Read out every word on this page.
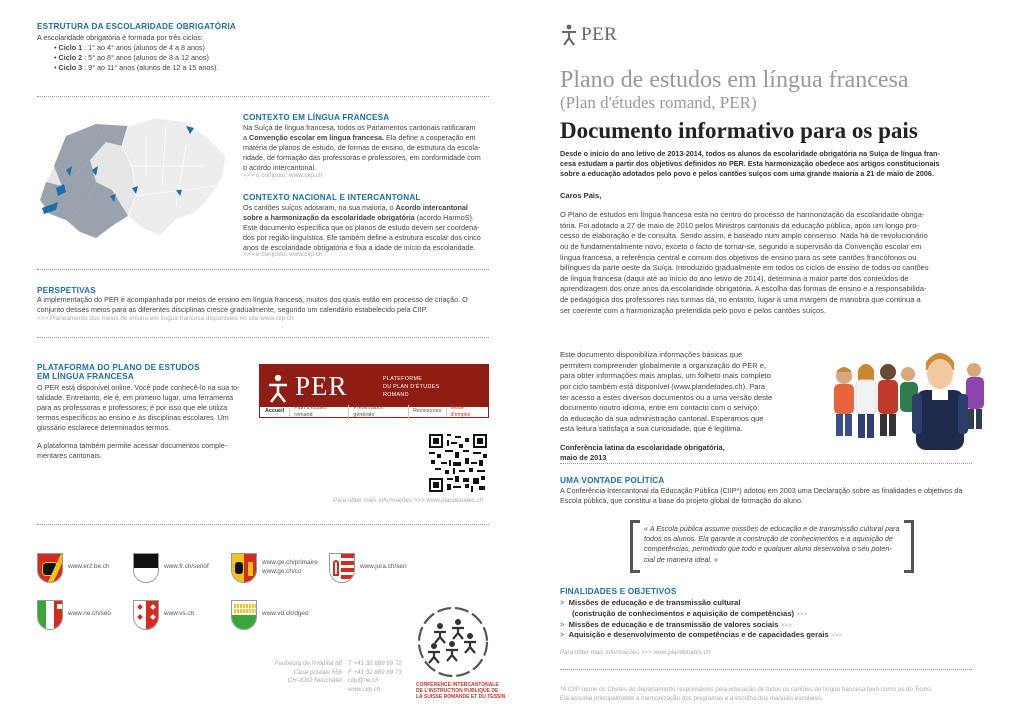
ESTRUTURA DA ESCOLARIDADE OBRIGATÓRIA
A escolaridade obrigatória é formada por três ciclos:
• Ciclo 1 : 1° ao 4° anos (alunos de 4 a 8 anos)
• Ciclo 2 : 5° ao 8° anos (alunos de 8 a 12 anos)
• Ciclo 3 : 9° ao 11° anos (alunos de 12 a 15 anos).
CONTEXTO EM LÍNGUA FRANCESA
Na Suíça de língua francesa, todos os Parlamentos cantonais ratificaram
a Convenção escolar em língua francesa. Ela define a cooperação em
matéria de planos de estudo, de formas de ensino, de estrutura da escola-
ridade, de formação das professoras e professores, em conformidade com
o acordo intercantonal.
>>> o conjunto: www.ciip.ch
CONTEXTO NACIONAL E INTERCANTONAL
Os cantões suíços adotaram, na sua maioria, o Acordo intercantonal
sobre a harmonização da escolaridade obrigatória (acordo HarmoS).
Este documento específica que os planos de estudo devem ser coordena-
dos por região linguística. Ele também define a estrutura escolar dos cinco
anos de escolaridade obrigatória e fixa a idade de início da escolaridade.
>>> o conjunto: www.ciip.ch
PERSPETIVAS
A implementação do PER é acompanhada por meios de ensino em língua francesa, muitos dos quais estão em processo de criação. O
conjunto desses meios para as diferentes disciplinas cresce gradualmente, segundo um calendário estabelecido pela CIIP.
>>> Planeamento dos meios de ensino em língua francesa disponíveis no site www.ciip.ch
PLATAFORMA DO PLANO DE ESTUDOS
EM LÍNGUA FRANCESA
O PER está disponível online. Você pode conhecê-lo na sua to-
talidade. Entretanto, ele é, em primeiro lugar, uma ferramenta
para as professoras e professores; é por isso que ele utiliza
termos específicos ao ensino e às disciplinas escolares. Um
glossário esclarece determinados termos.
A plataforma também permite acessar documentos comple-
mentares cantonais.
PER	PLATEFORME
DU PLAN D'ÉTUDES
ROMAND
Accueil
Plan d'études romand
Présentation générale
Ressources
Mode d'emploi
Para obter mais informações >>> www.plandetudes.ch
www.erz.be.ch	www.fr.ch/senof
www.ge.ch/primaire
www.ge.ch/co
www.jura.ch/sen
www.ne.ch/seo	www.vs.ch	www.vd.ch/dgeo
Faubourg de l'Hôpital 68
Case postale 556
CH-2002 Neuchâtel
T +41 32 889 69 72
F +41 32 889 69 73
ciip@ne.ch
www.ciip.ch
CONFÉRENCE INTERCANTONALE
DE L'INSTRUCTION PUBLIQUE DE
LA SUISSE ROMANDE ET DU TESSIN
PER
Plano de estudos em língua francesa
(Plan d'études romand, PER)
Documento informativo para os pais
Desde o início do ano letivo de 2013-2014, todos os alunos da escolaridade obrigatória na Suíça de língua fran-
cesa estudam a partir dos objetivos definidos no PER. Esta harmonização obedece aos artigos constitucionais
sobre a educação adotados pelo povo e pelos cantões suíços com uma grande maioria a 21 de maio de 2006.
Caros Pais,
O Plano de estudos em língua francesa está no centro do processo de harmonização da escolaridade obriga-
tória. Foi adotado a 27 de maio de 2010 pelos Ministros cantonais da educação pública, após um longo pro-
cesso de elaboração e de consulta. Sendo assim, é baseado num amplo consenso. Nada há de revolucionário
ou de fundamentalmente novo, exceto o facto de tornar-se, segundo a supervisão da Convenção escolar em
língua francesa, a referência central e comum dos objetivos de ensino para os sete cantões francófonos ou
bilíngues da parte oeste da Suíça. Introduzido gradualmente em todos os ciclos de ensino de todos os cantões
de língua francesa (daqui até ao início do ano letivo de 2014), determina a maior parte dos conteúdos de
aprendizagem dos onze anos da escolaridade obrigatória. A escolha das formas de ensino e a responsabilida-
de pedagógica dos professores nas turmas dá, no entanto, lugar a uma margem de manobra que continua a
ser coerente com a harmonização pretendida pelo povo e pelos cantões suíços.
Este documento disponibiliza informações básicas que
permitem compreender globalmente a organização do PER e,
para obter informações mais amplas, um folheto mais completo
por ciclo também está disponível (www.plandetudes.ch). Para
ter acesso a estes diversos documentos ou a uma versão deste
documento noutro idioma, entre em contacto com o serviço
da educação da sua administração cantonal. Esperamos que
esta leitura satisfaça a sua curiosidade, que é legítima.
Conferência latina da escolaridade obrigatória,
maio de 2013
UMA VONTADE POLÍTICA
A Conferência Intercantonal da Educação Pública (CIIP*) adotou em 2003 uma Declaração sobre as finalidades e objetivos da
Escola pública, que constitui a base do projeto global de formação do aluno.
« A Escola pública assume missões de educação e de transmissão cultural para
todos os alunos. Ela garante a construção de conhecimentos e a aquisição de
competências, permitindo que todo e qualquer aluno desenvolva o seu poten-
cial de maneira ideal. »
FINALIDADES E OBJETIVOS
> Missões de educação e de transmissão cultural
(construção de conhecimentos e aquisição de competências) >>>
> Missões de educação e de transmissão de valores sociais >>>
> Aquisição e desenvolvimento de competências e de capacidades gerais >>>
Para obter mais informações >>> www.plandetudes.ch
*A CIIP reúne os Chefes de departamento responsáveis pela educação de todos os cantões de língua francesa bem como os do Ticino.
Ela assume principalmente a harmonização dos programas e a escolha dos manuais escolares.
